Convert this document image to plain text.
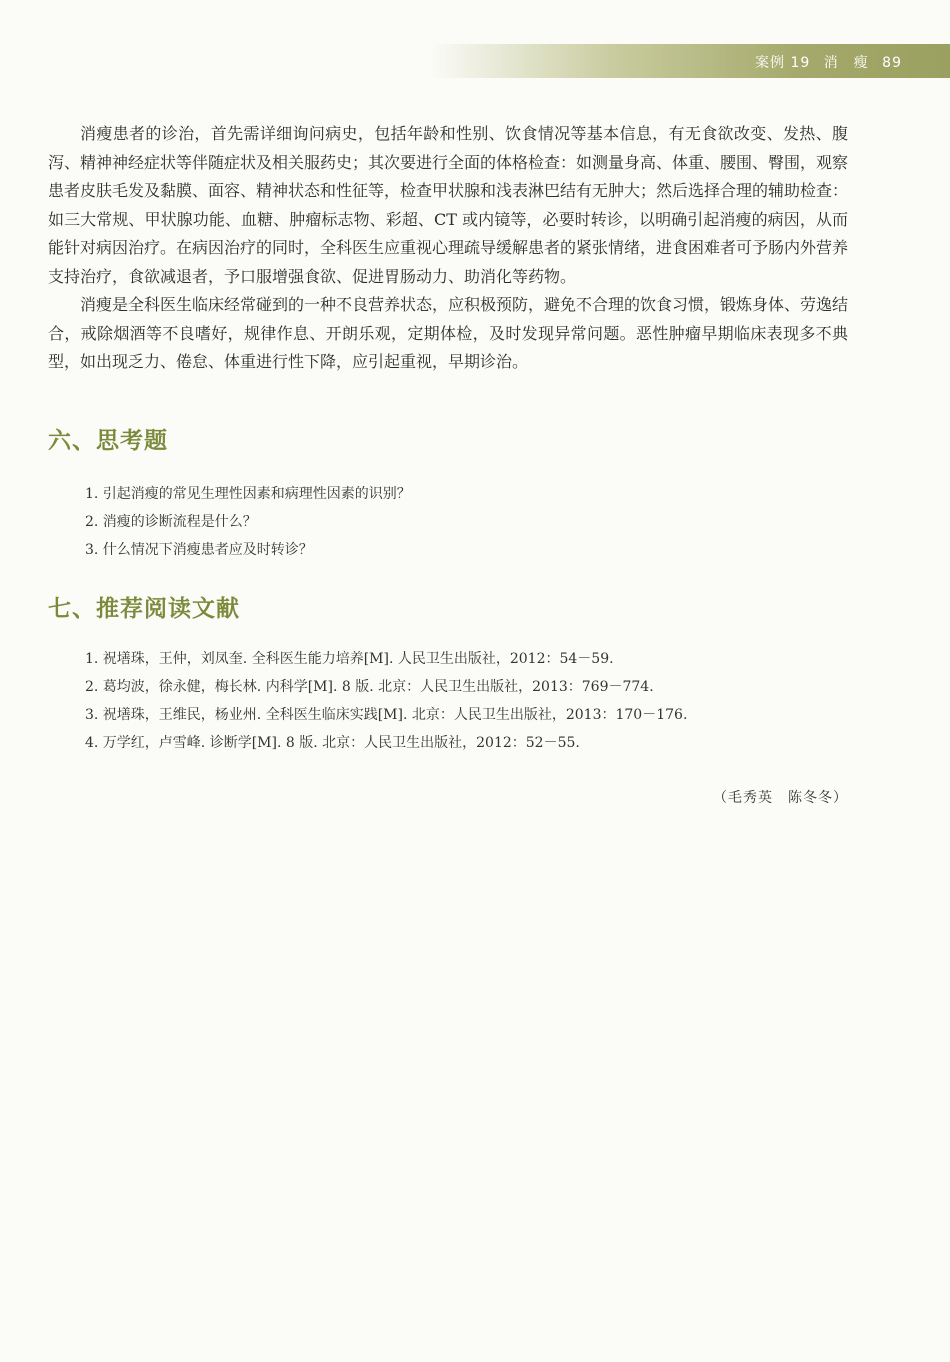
案例 19 消　瘦 89

消瘦患者的诊治，首先需详细询问病史，包括年龄和性别、饮食情况等基本信息，有无食欲改变、发热、腹泻、精神神经症状等伴随症状及相关服药史；其次要进行全面的体格检查：如测量身高、体重、腰围、臀围，观察患者皮肤毛发及黏膜、面容、精神状态和性征等，检查甲状腺和浅表淋巴结有无肿大；然后选择合理的辅助检查：如三大常规、甲状腺功能、血糖、肿瘤标志物、彩超、CT 或内镜等，必要时转诊，以明确引起消瘦的病因，从而能针对病因治疗。在病因治疗的同时，全科医生应重视心理疏导缓解患者的紧张情绪，进食困难者可予肠内外营养支持治疗，食欲减退者，予口服增强食欲、促进胃肠动力、助消化等药物。

消瘦是全科医生临床经常碰到的一种不良营养状态，应积极预防，避免不合理的饮食习惯，锻炼身体、劳逸结合，戒除烟酒等不良嗜好，规律作息、开朗乐观，定期体检，及时发现异常问题。恶性肿瘤早期临床表现多不典型，如出现乏力、倦怠、体重进行性下降，应引起重视，早期诊治。

六、思考题
1. 引起消瘦的常见生理性因素和病理性因素的识别？
2. 消瘦的诊断流程是什么？
3. 什么情况下消瘦患者应及时转诊？
七、推荐阅读文献
1. 祝墡珠，王仲，刘凤奎. 全科医生能力培养[M]. 人民卫生出版社，2012：54－59.
2. 葛均波，徐永健，梅长林. 内科学[M]. 8 版. 北京：人民卫生出版社，2013：769－774.
3. 祝墡珠，王维民，杨业州. 全科医生临床实践[M]. 北京：人民卫生出版社，2013：170－176.
4. 万学红，卢雪峰. 诊断学[M]. 8 版. 北京：人民卫生出版社，2012：52－55.
（毛秀英　陈冬冬）
